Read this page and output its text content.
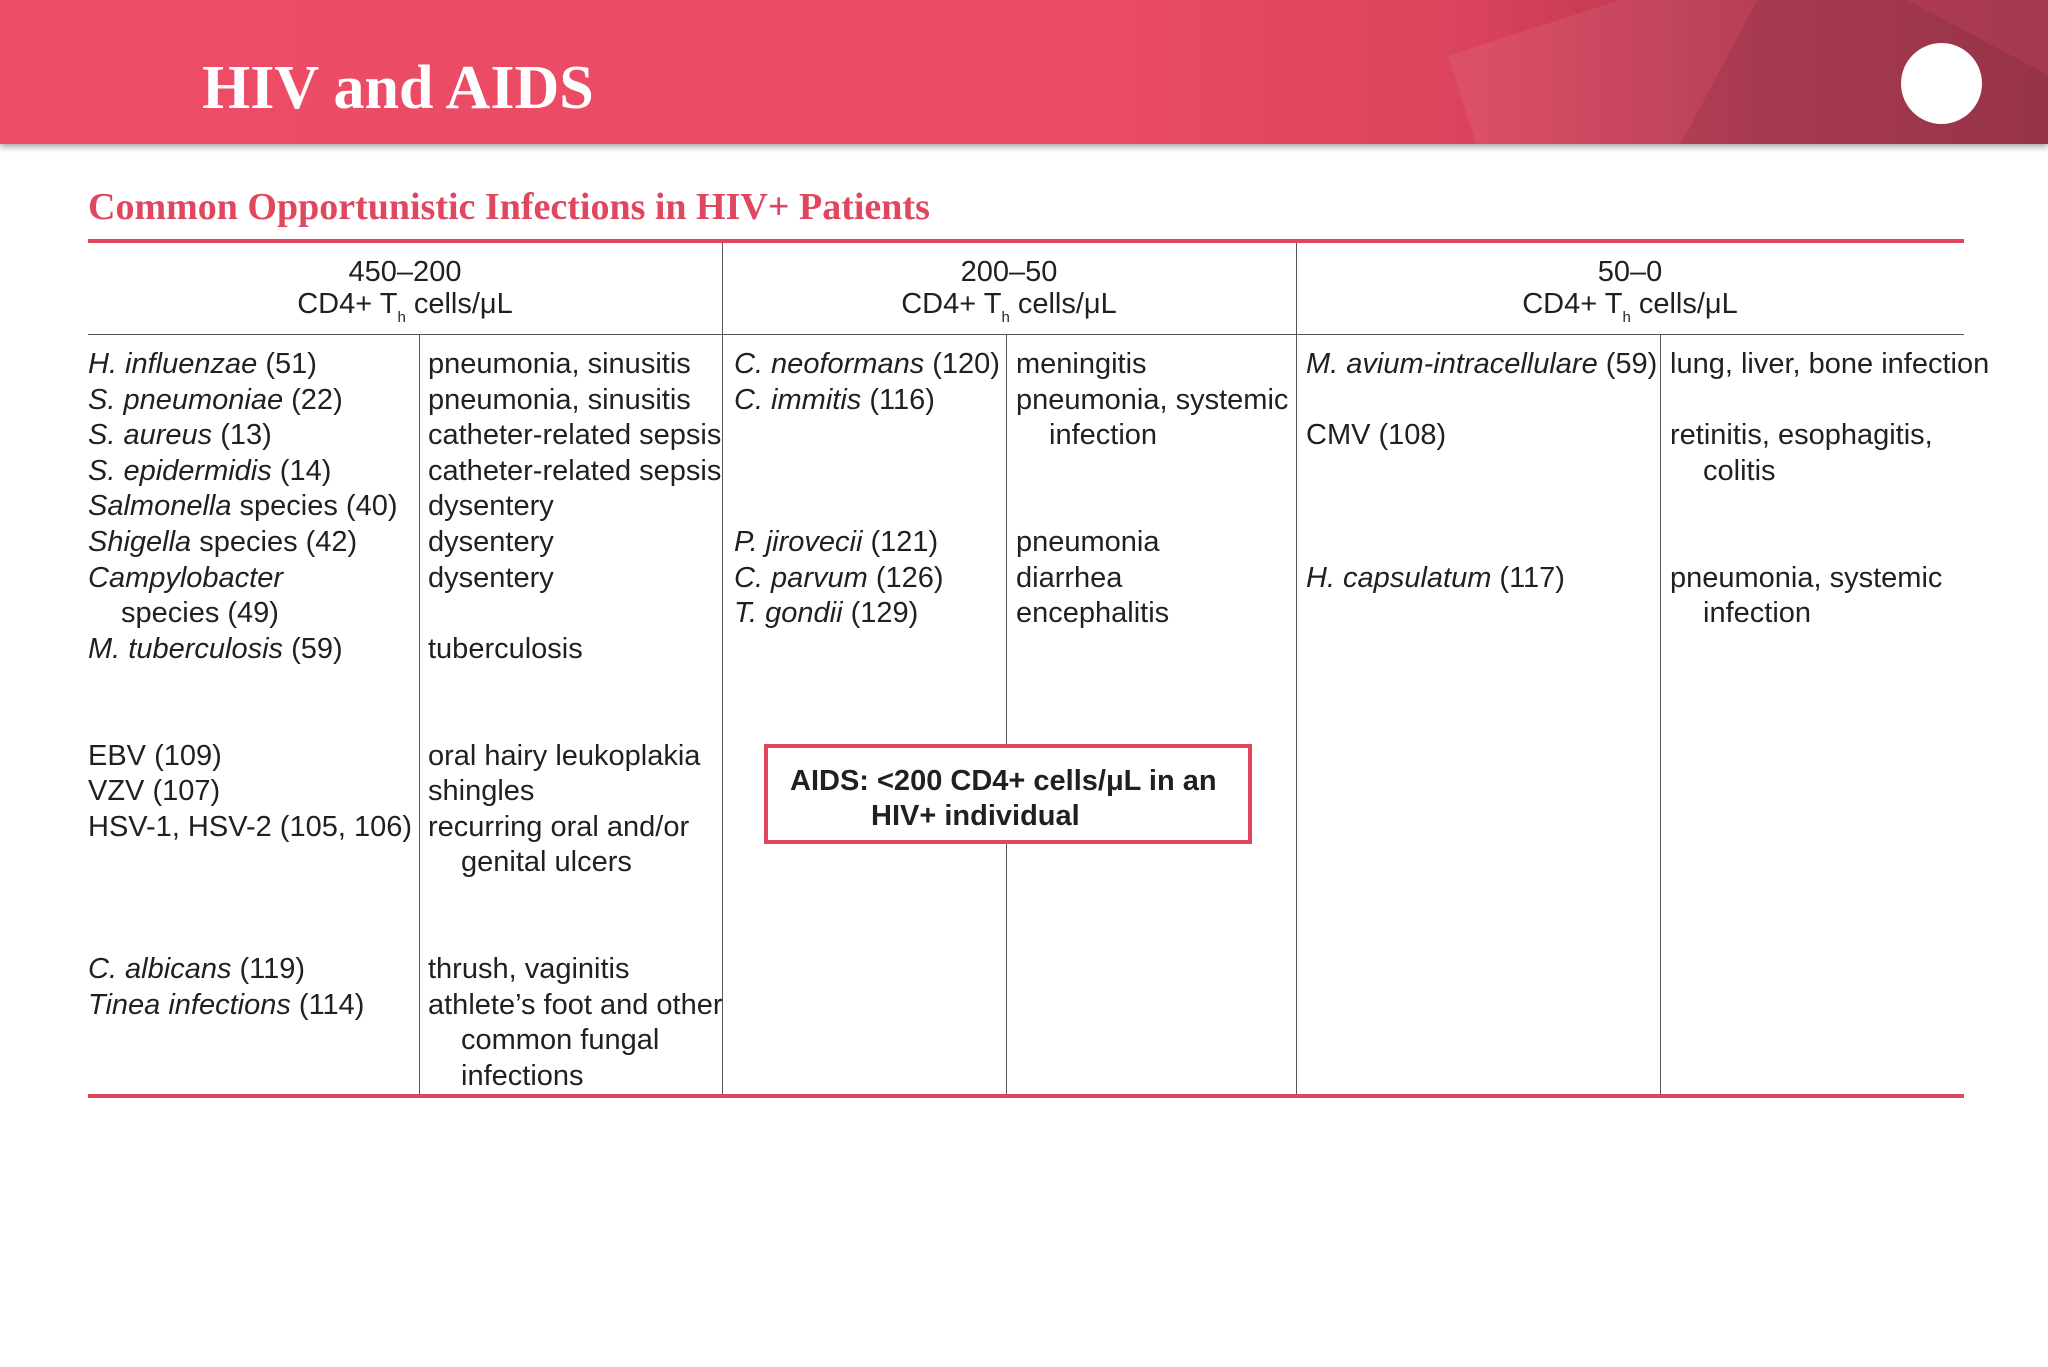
HIV and AIDS
Common Opportunistic Infections in HIV+ Patients
450–200
$CD4+ T_h$ cells/μL
200–50
$CD4+ T_h$ cells/μL
50–0
$CD4+ T_h$ cells/μL
H. influenzae (51)
S. pneumoniae (22)
S. aureus (13)
S. epidermidis (14)
Salmonella species (40)
Shigella species (42)
Campylobacter
species (49)
M. tuberculosis (59)
EBV (109)
VZV (107)
HSV-1, HSV-2 (105, 106)
C. albicans (119)
Tinea infections (114)
pneumonia, sinusitis
pneumonia, sinusitis
catheter-related sepsis
catheter-related sepsis
dysentery
dysentery
dysentery
tuberculosis
oral hairy leukoplakia
shingles
recurring oral and/or
genital ulcers
thrush, vaginitis
athlete’s foot and other
common fungal
infections
C. neoformans (120)
C. immitis (116)
P. jirovecii (121)
C. parvum (126)
T. gondii (129)
meningitis
pneumonia, systemic
infection
pneumonia
diarrhea
encephalitis
M. avium-intracellulare (59)
CMV (108)
H. capsulatum (117)
lung, liver, bone infection
retinitis, esophagitis,
colitis
pneumonia, systemic
infection
AIDS: <200 CD4+ cells/μL in an
HIV+ individual
